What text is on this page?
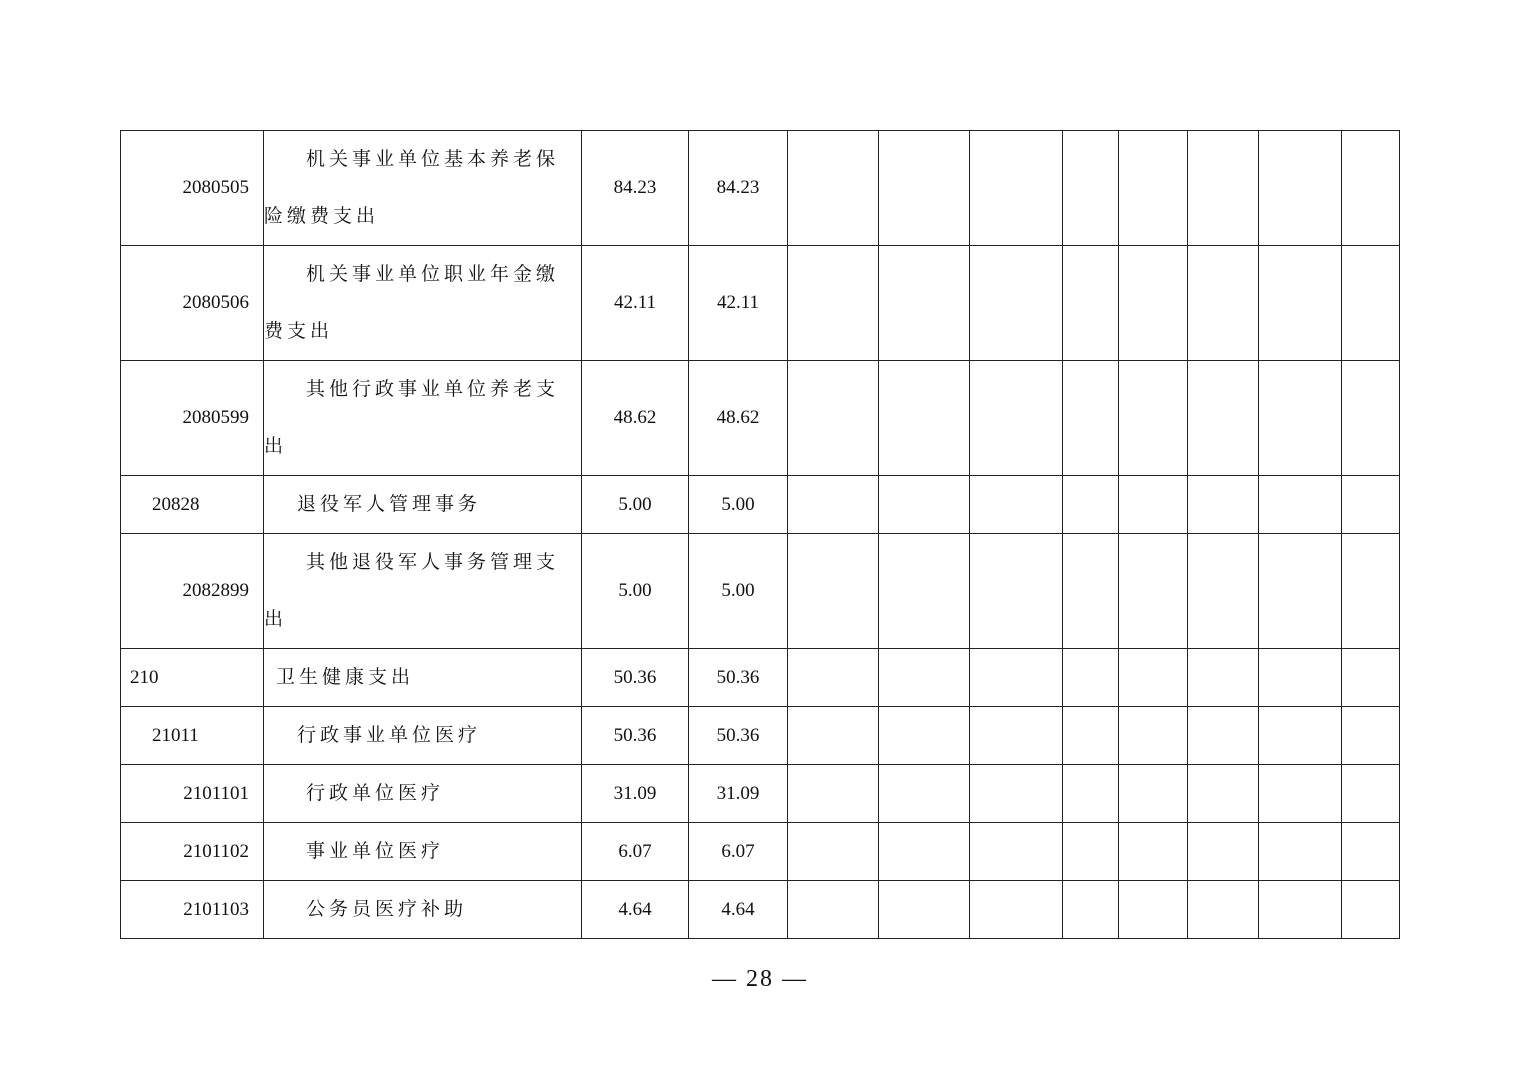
2080505	机关事业单位基本养老保险缴费支出	84.23	84.23								
2080506	机关事业单位职业年金缴费支出	42.11	42.11								
2080599	其他行政事业单位养老支出	48.62	48.62								
20828	退役军人管理事务	5.00	5.00								
2082899	其他退役军人事务管理支出	5.00	5.00								
210	卫生健康支出	50.36	50.36								
21011	行政事业单位医疗	50.36	50.36								
2101101	行政单位医疗	31.09	31.09								
2101102	事业单位医疗	6.07	6.07								
2101103	公务员医疗补助	4.64	4.64								
— 28 —
